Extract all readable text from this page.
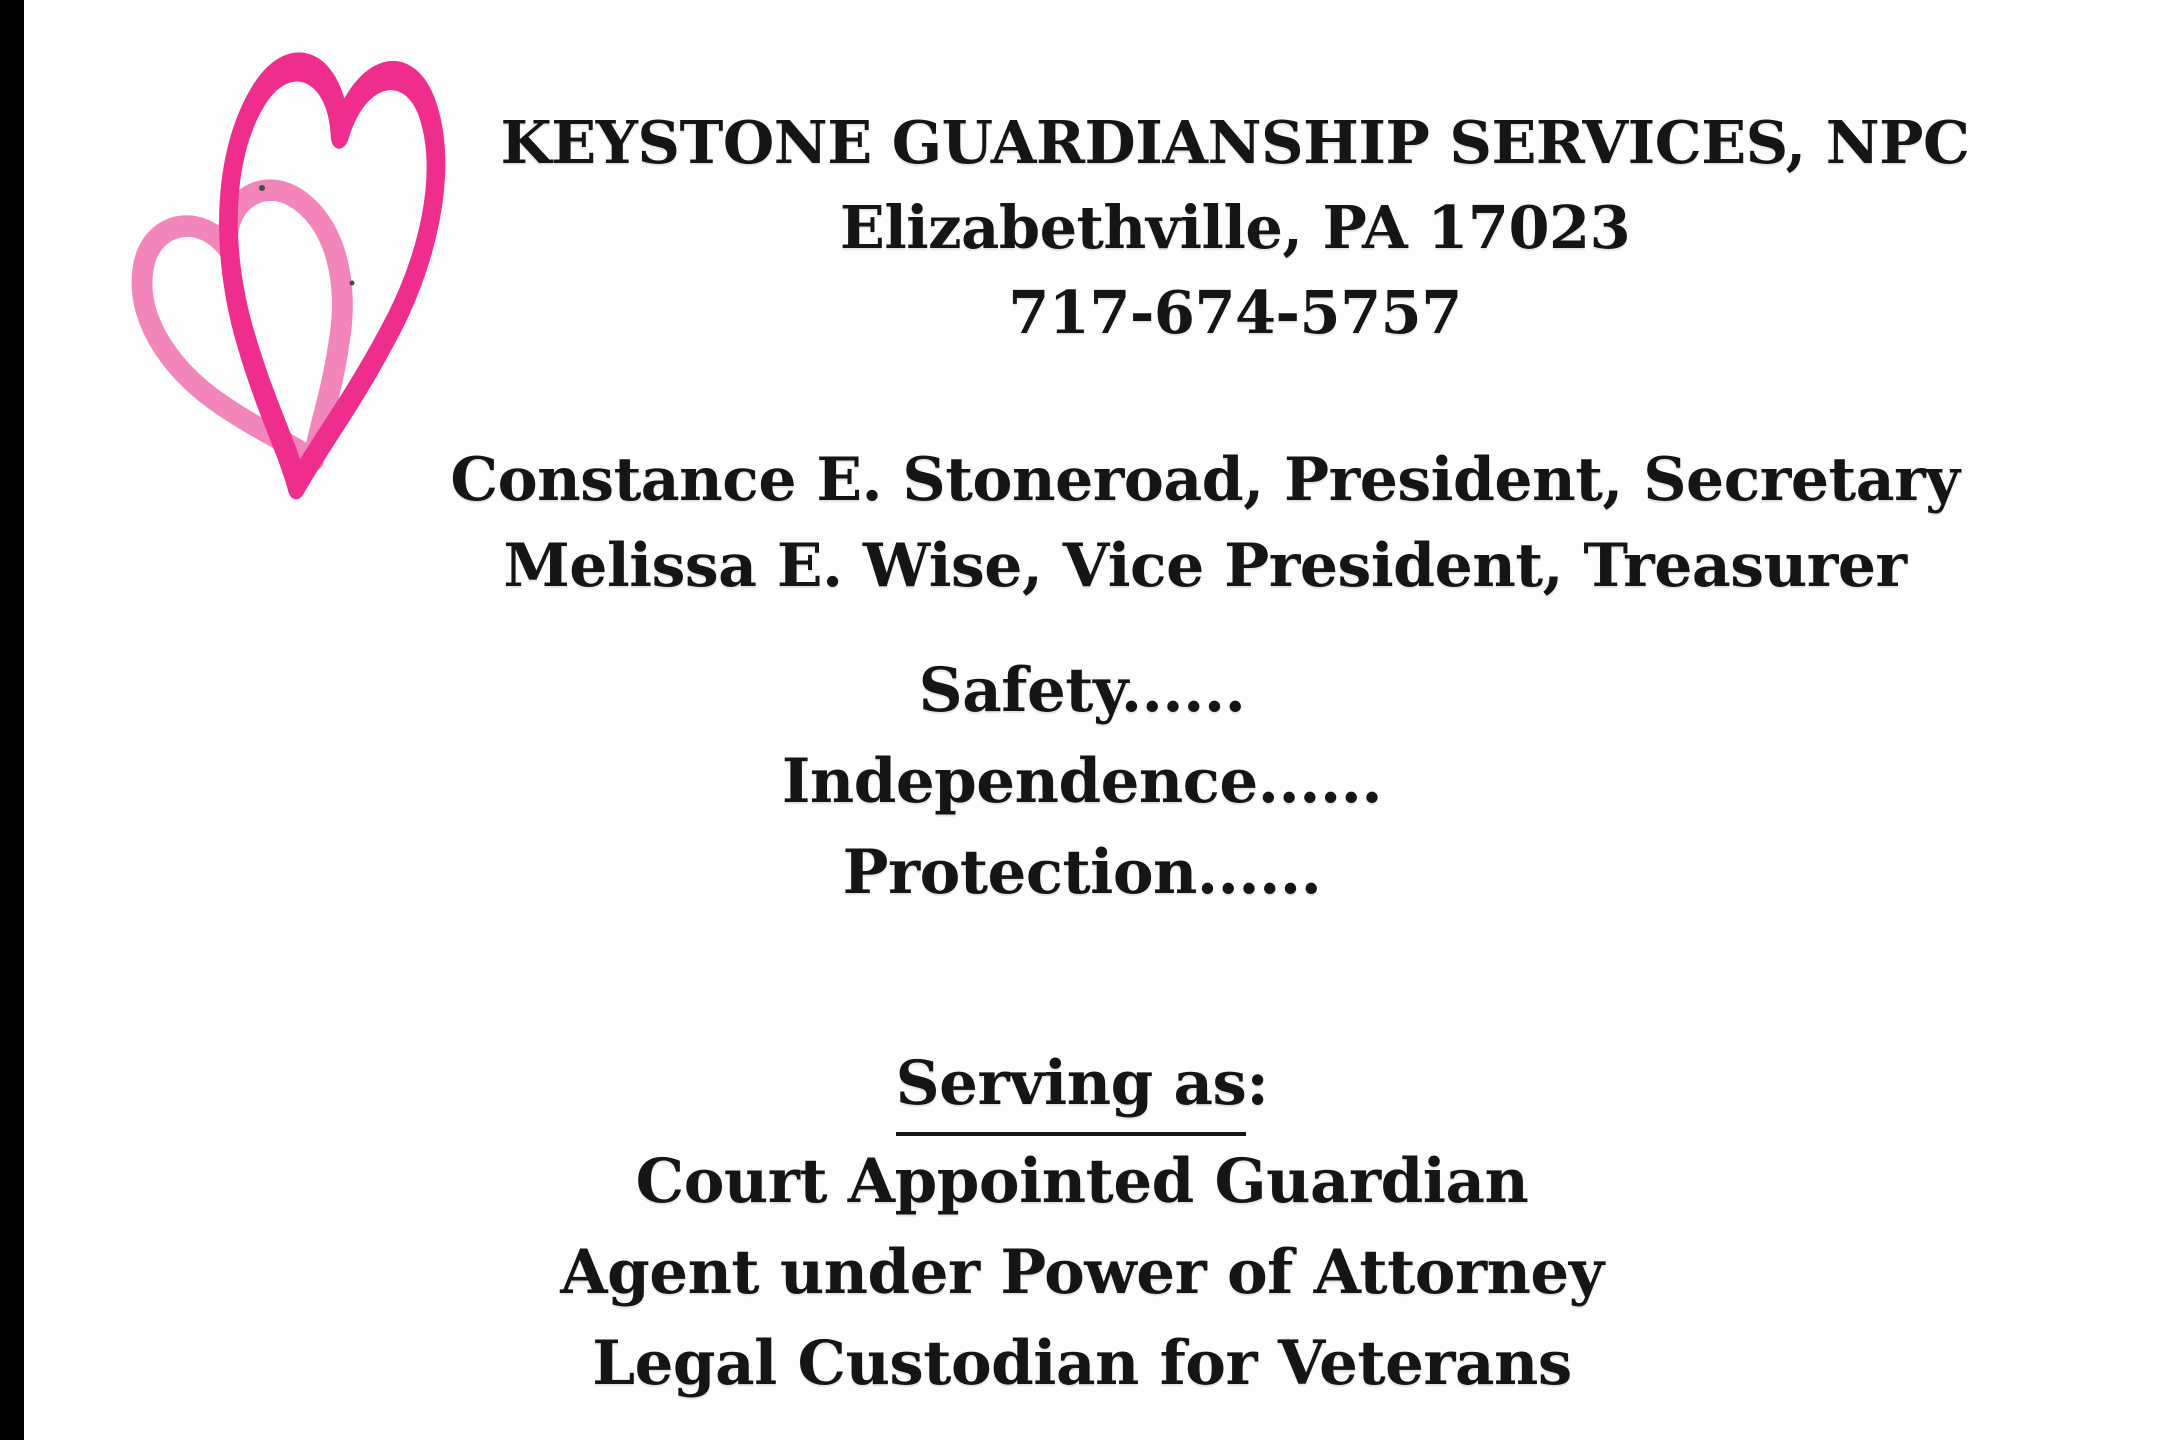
KEYSTONE GUARDIANSHIP SERVICES, NPC
Elizabethville, PA 17023
717-674-5757
Constance E. Stoneroad, President, Secretary
Melissa E. Wise, Vice President, Treasurer
Safety......
Independence......
Protection......
Serving as:
Court Appointed Guardian
Agent under Power of Attorney
Legal Custodian for Veterans
